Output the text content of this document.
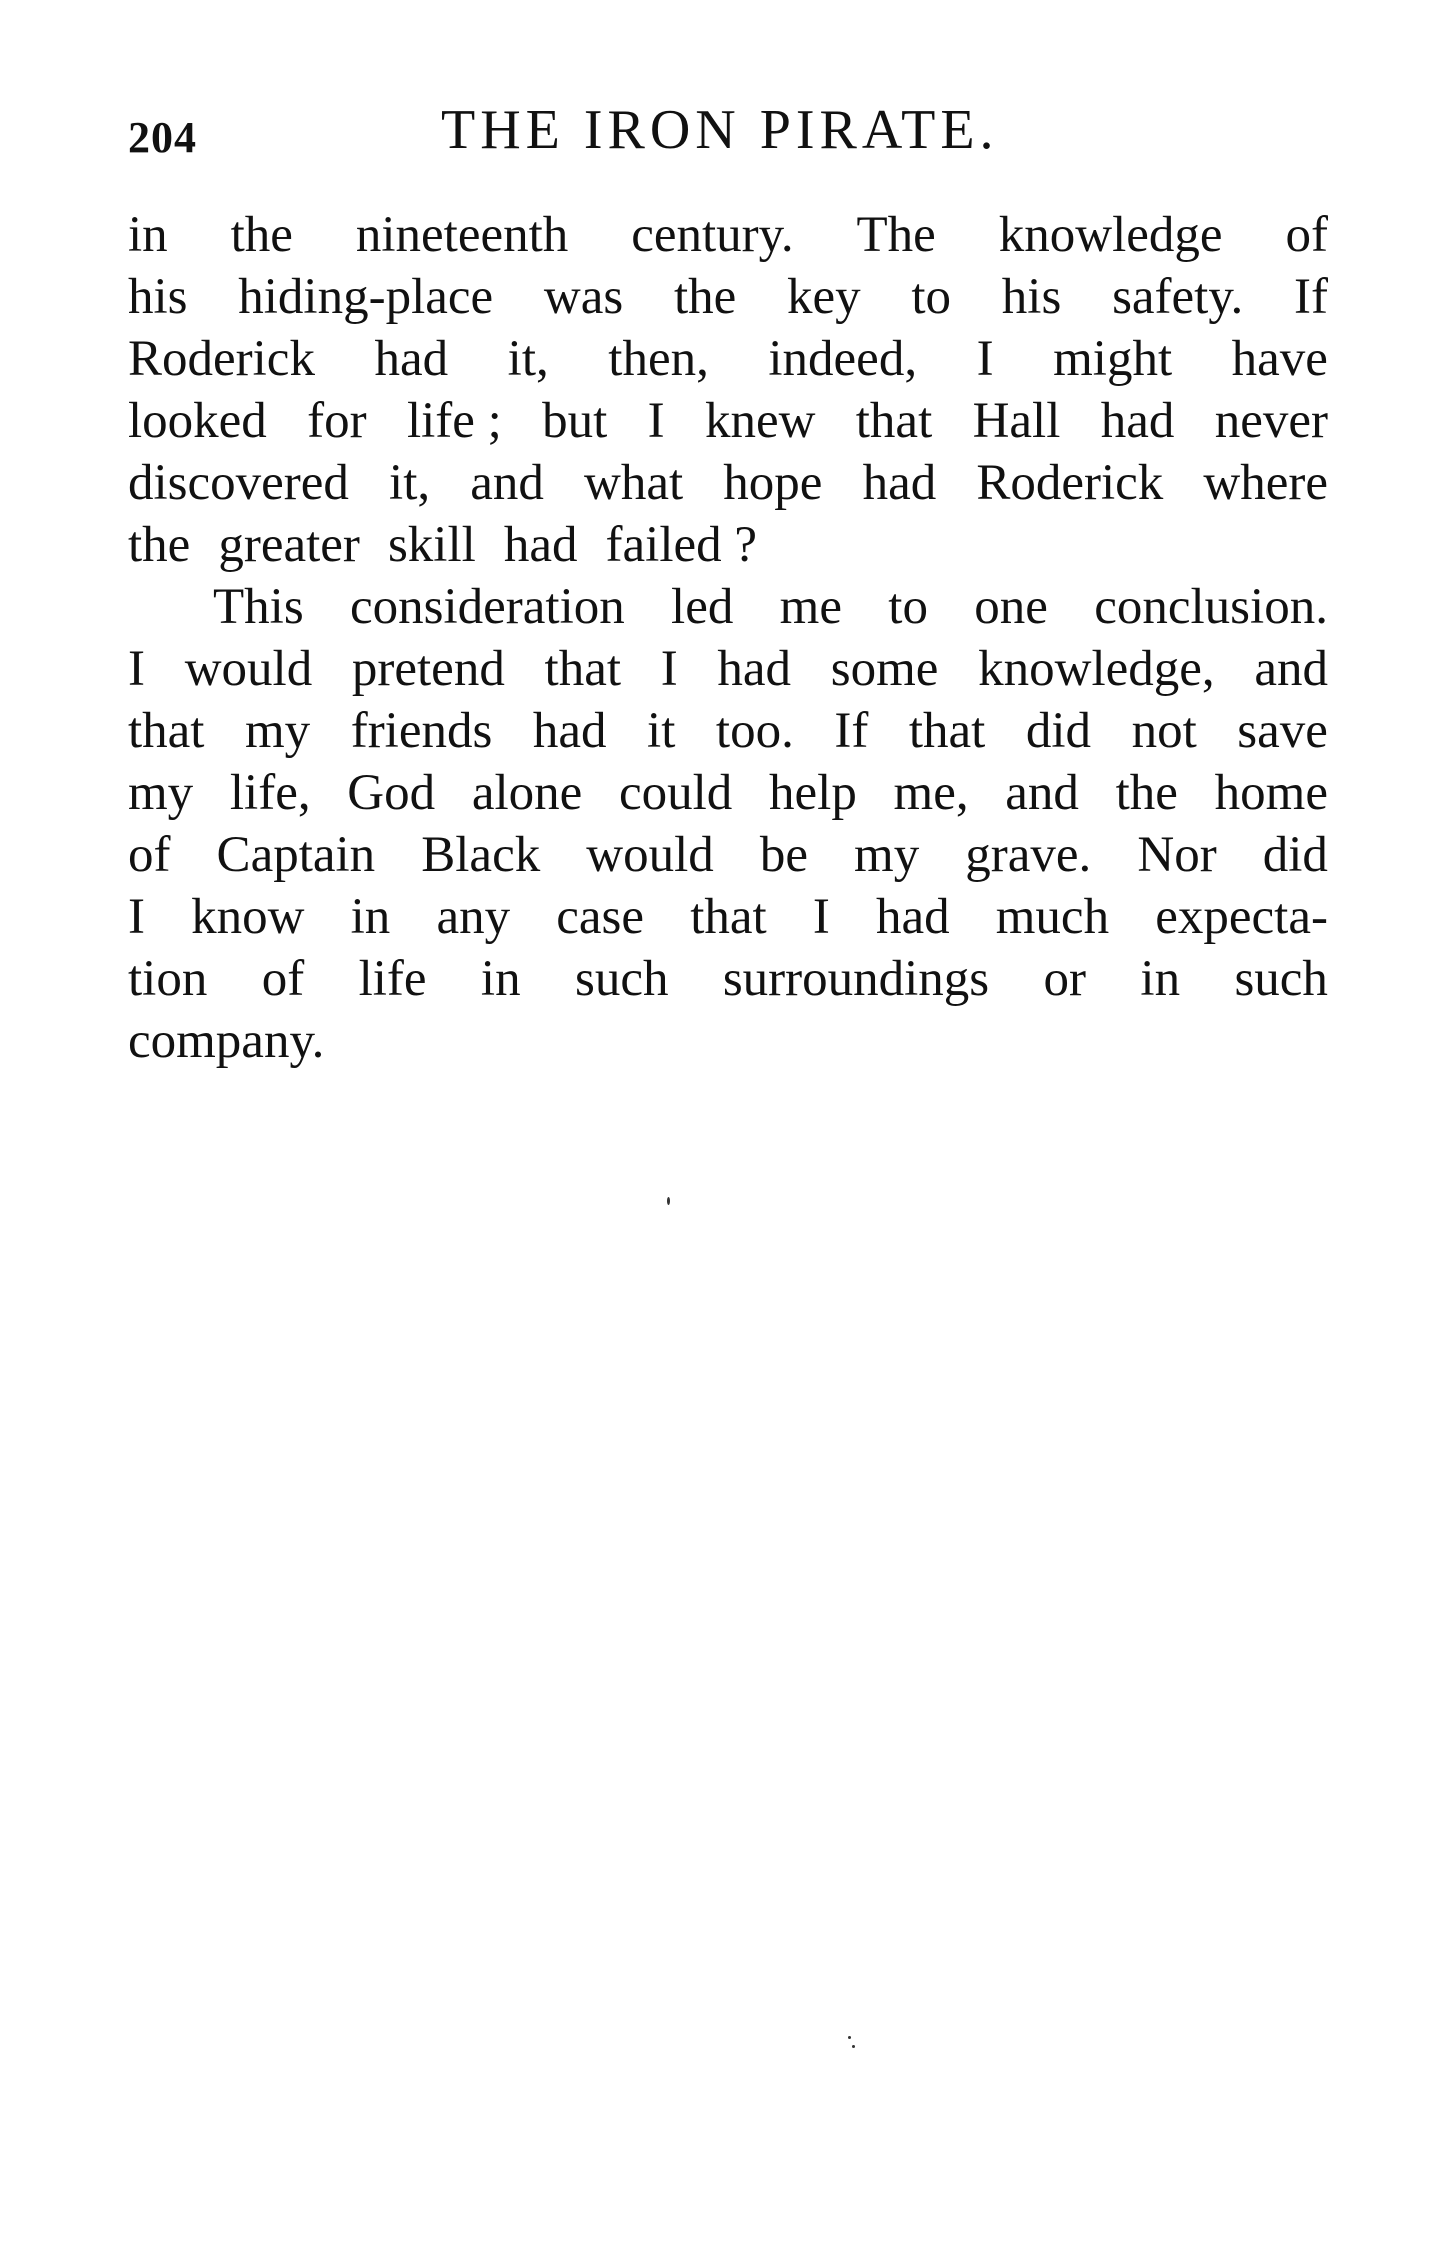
204	THE IRON PIRATE.
in the nineteenth century. The knowledge of
his hiding-place was the key to his safety. If
Roderick had it, then, indeed, I might have
looked for life ; but I knew that Hall had never
discovered it, and what hope had Roderick where
the greater skill had failed ?
This consideration led me to one conclusion.
I would pretend that I had some knowledge, and
that my friends had it too. If that did not save
my life, God alone could help me, and the home
of Captain Black would be my grave. Nor did
I know in any case that I had much expecta-
tion of life in such surroundings or in such
company.
